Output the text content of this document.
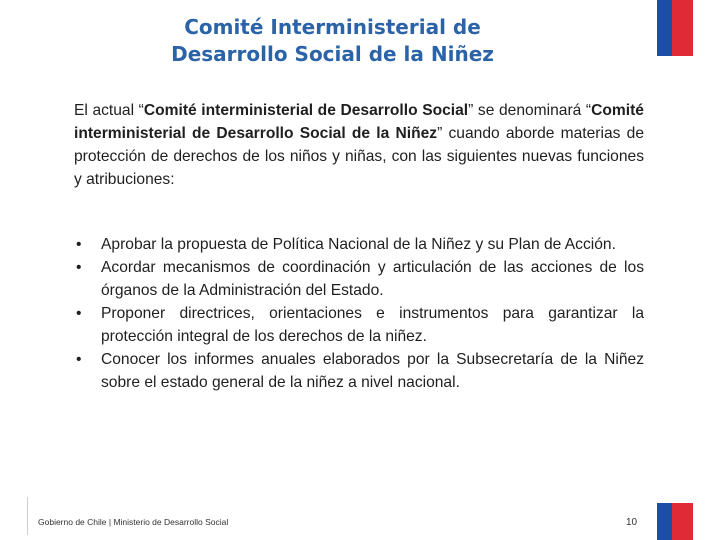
Comité Interministerial de
Desarrollo Social de la Niñez
El actual “Comité interministerial de Desarrollo Social” se denominará “Comité interministerial de Desarrollo Social de la Niñez” cuando aborde materias de protección de derechos de los niños y niñas, con las siguientes nuevas funciones y atribuciones:
• Aprobar la propuesta de Política Nacional de la Niñez y su Plan de Acción.
• Acordar mecanismos de coordinación y articulación de las acciones de los órganos de la Administración del Estado.
• Proponer directrices, orientaciones e instrumentos para garantizar la protección integral de los derechos de la niñez.
• Conocer los informes anuales elaborados por la Subsecretaría de la Niñez sobre el estado general de la niñez a nivel nacional.
Gobierno de Chile | Ministerio de Desarrollo Social	10
